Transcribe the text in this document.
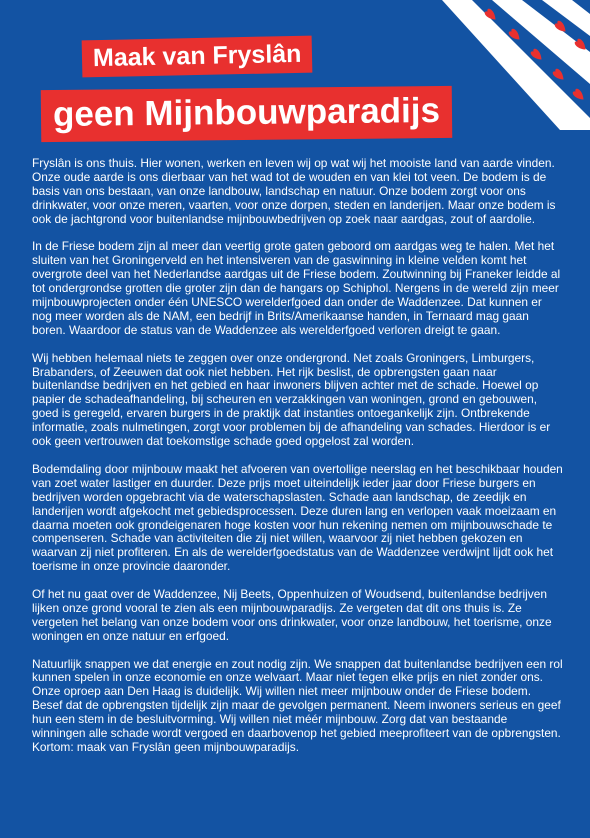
Maak van Fryslân
geen Mijnbouwparadijs

Fryslân is ons thuis. Hier wonen, werken en leven wij op wat wij het mooiste land van aarde vinden. Onze oude aarde is ons dierbaar van het wad tot de wouden en van klei tot veen. De bodem is de basis van ons bestaan, van onze landbouw, landschap en natuur. Onze bodem zorgt voor ons drinkwater, voor onze meren, vaarten, voor onze dorpen, steden en landerijen. Maar onze bodem is ook de jachtgrond voor buitenlandse mijnbouwbedrijven op zoek naar aardgas, zout of aardolie.

In de Friese bodem zijn al meer dan veertig grote gaten geboord om aardgas weg te halen. Met het sluiten van het Groningerveld en het intensiveren van de gaswinning in kleine velden komt het overgrote deel van het Nederlandse aardgas uit de Friese bodem. Zoutwinning bij Franeker leidde al tot ondergrondse grotten die groter zijn dan de hangars op Schiphol. Nergens in de wereld zijn meer mijnbouwprojecten onder één UNESCO werelderfgoed dan onder de Waddenzee. Dat kunnen er nog meer worden als de NAM, een bedrijf in Brits/Amerikaanse handen, in Ternaard mag gaan boren. Waardoor de status van de Waddenzee als werelderfgoed verloren dreigt te gaan.

Wij hebben helemaal niets te zeggen over onze ondergrond. Net zoals Groningers, Limburgers, Brabanders, of Zeeuwen dat ook niet hebben. Het rijk beslist, de opbrengsten gaan naar buitenlandse bedrijven en het gebied en haar inwoners blijven achter met de schade. Hoewel op papier de schadeafhandeling, bij scheuren en verzakkingen van woningen, grond en gebouwen, goed is geregeld, ervaren burgers in de praktijk dat instanties ontoegankelijk zijn. Ontbrekende informatie, zoals nulmetingen, zorgt voor problemen bij de afhandeling van schades. Hierdoor is er ook geen vertrouwen dat toekomstige schade goed opgelost zal worden.

Bodemdaling door mijnbouw maakt het afvoeren van overtollige neerslag en het beschikbaar houden van zoet water lastiger en duurder. Deze prijs moet uiteindelijk ieder jaar door Friese burgers en bedrijven worden opgebracht via de waterschapslasten. Schade aan landschap, de zeedijk en landerijen wordt afgekocht met gebiedsprocessen. Deze duren lang en verlopen vaak moeizaam en daarna moeten ook grondeigenaren hoge kosten voor hun rekening nemen om mijnbouwschade te compenseren. Schade van activiteiten die zij niet willen, waarvoor zij niet hebben gekozen en waarvan zij niet profiteren. En als de werelderfgoedstatus van de Waddenzee verdwijnt lijdt ook het toerisme in onze provincie daaronder.

Of het nu gaat over de Waddenzee, Nij Beets, Oppenhuizen of Woudsend, buitenlandse bedrijven lijken onze grond vooral te zien als een mijnbouwparadijs. Ze vergeten dat dit ons thuis is. Ze vergeten het belang van onze bodem voor ons drinkwater, voor onze landbouw, het toerisme, onze woningen en onze natuur en erfgoed.

Natuurlijk snappen we dat energie en zout nodig zijn. We snappen dat buitenlandse bedrijven een rol kunnen spelen in onze economie en onze welvaart. Maar niet tegen elke prijs en niet zonder ons. Onze oproep aan Den Haag is duidelijk. Wij willen niet meer mijnbouw onder de Friese bodem. Besef dat de opbrengsten tijdelijk zijn maar de gevolgen permanent. Neem inwoners serieus en geef hun een stem in de besluitvorming. Wij willen niet méér mijnbouw. Zorg dat van bestaande winningen alle schade wordt vergoed en daarbovenop het gebied meeprofiteert van de opbrengsten. Kortom: maak van Fryslân geen mijnbouwparadijs.
